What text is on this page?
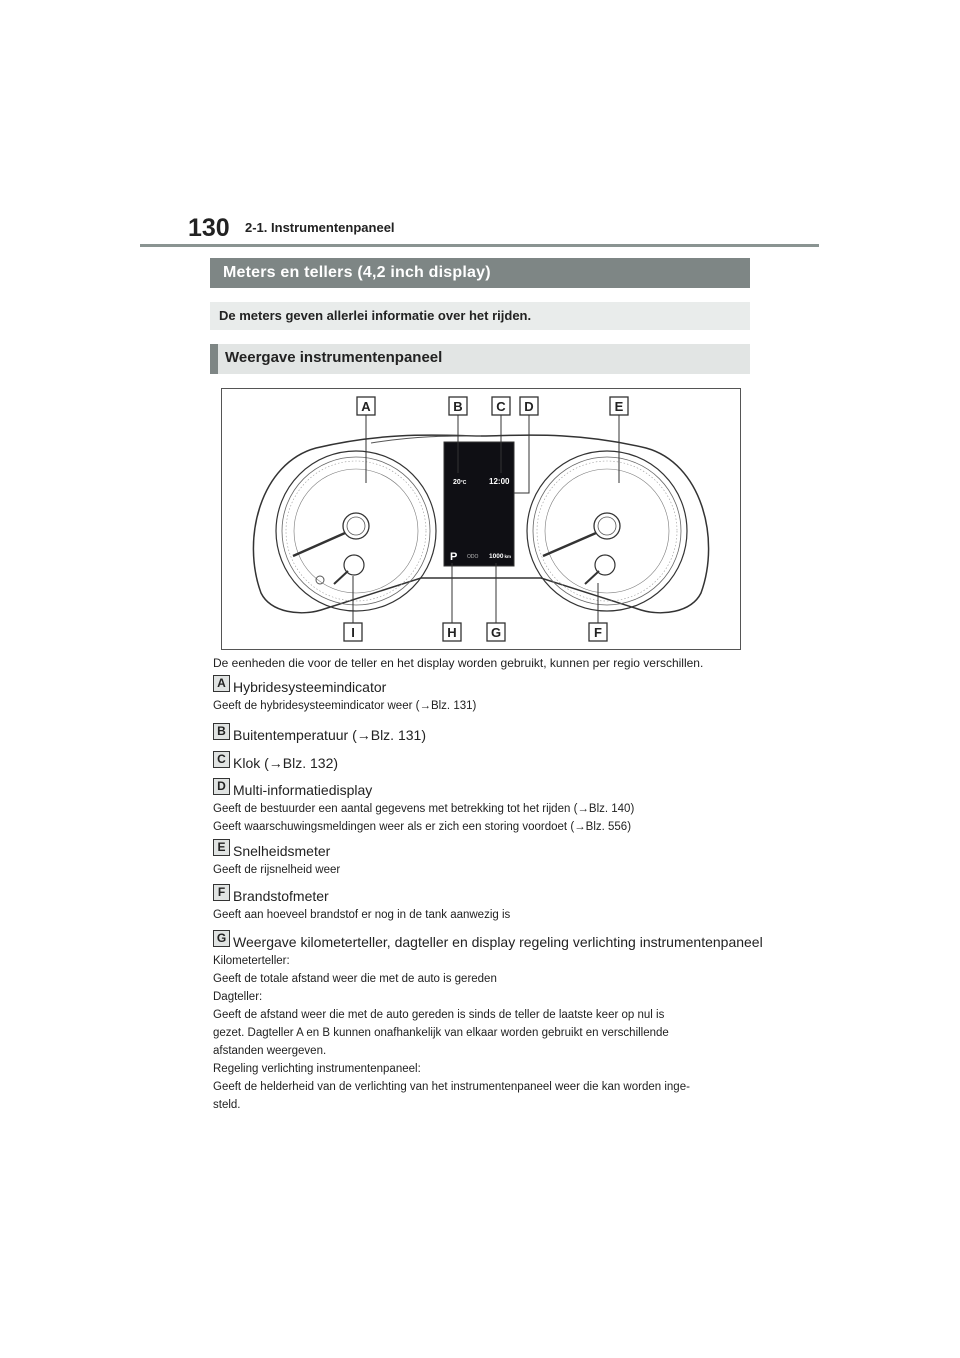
130 2-1. Instrumentenpaneel
Meters en tellers (4,2 inch display)
De meters geven allerlei informatie over het rijden.
Weergave instrumentenpaneel
20°C	12:00
P ODO 1000km
A	B	C D	E
I	H	G	F
De eenheden die voor de teller en het display worden gebruikt, kunnen per regio verschillen.
A Hybridesysteemindicator
Geeft de hybridesysteemindicator weer (→Blz. 131)
B Buitentemperatuur (→Blz. 131)
C Klok (→Blz. 132)
D Multi-informatiedisplay
Geeft de bestuurder een aantal gegevens met betrekking tot het rijden (→Blz. 140)
Geeft waarschuwingsmeldingen weer als er zich een storing voordoet (→Blz. 556)
E Snelheidsmeter
Geeft de rijsnelheid weer
F Brandstofmeter
Geeft aan hoeveel brandstof er nog in de tank aanwezig is
G Weergave kilometerteller, dagteller en display regeling verlichting instrumentenpaneel
Kilometerteller:
Geeft de totale afstand weer die met de auto is gereden
Dagteller:
Geeft de afstand weer die met de auto gereden is sinds de teller de laatste keer op nul is
gezet. Dagteller A en B kunnen onafhankelijk van elkaar worden gebruikt en verschillende
afstanden weergeven.
Regeling verlichting instrumentenpaneel:
Geeft de helderheid van de verlichting van het instrumentenpaneel weer die kan worden inge-
steld.
